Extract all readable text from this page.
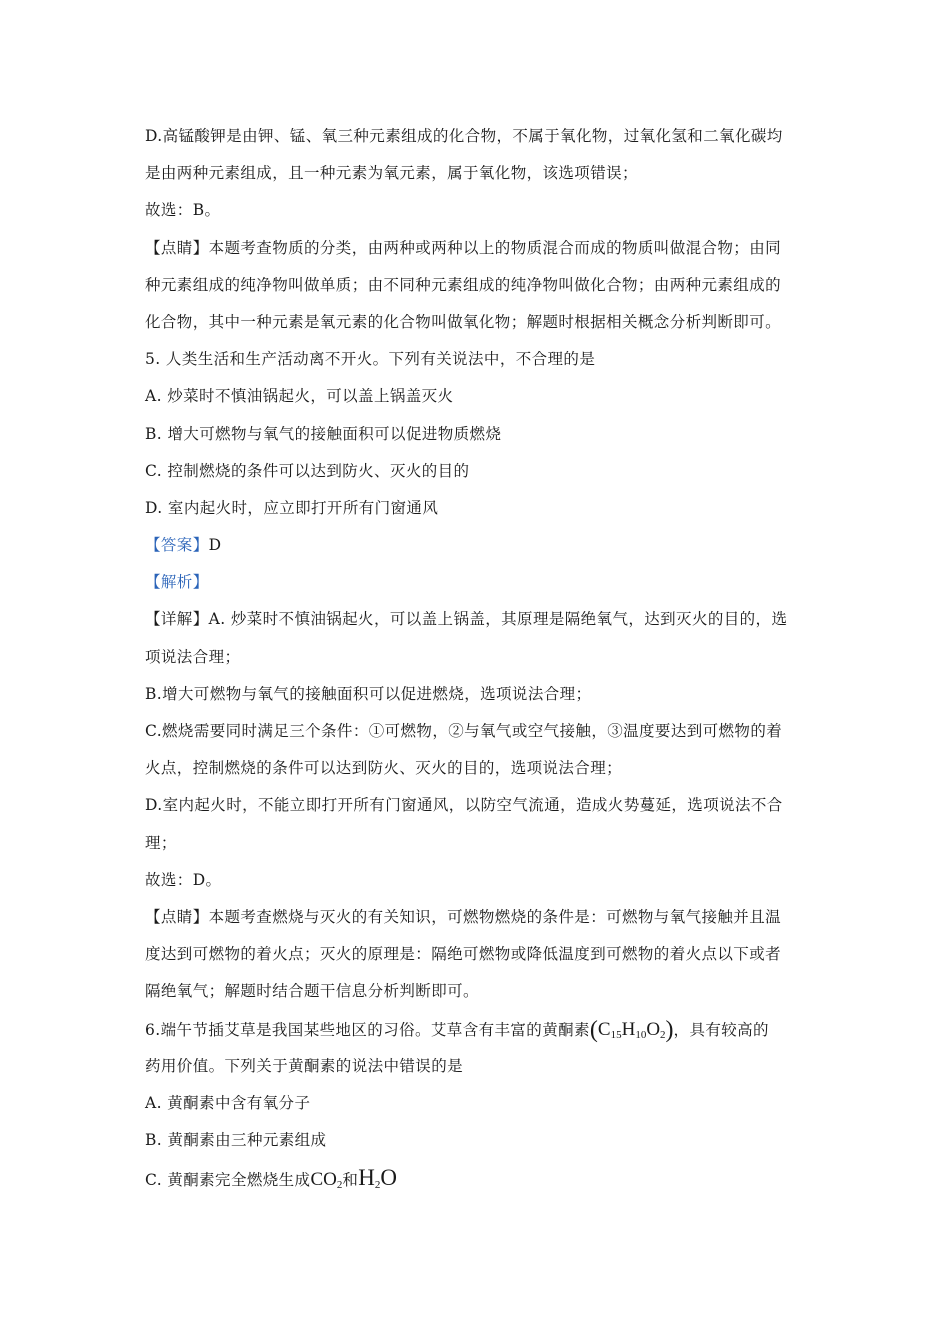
D.高锰酸钾是由钾、锰、氧三种元素组成的化合物，不属于氧化物，过氧化氢和二氧化碳均
是由两种元素组成，且一种元素为氧元素，属于氧化物，该选项错误；
故选：B。
【点睛】本题考查物质的分类，由两种或两种以上的物质混合而成的物质叫做混合物；由同
种元素组成的纯净物叫做单质；由不同种元素组成的纯净物叫做化合物；由两种元素组成的
化合物，其中一种元素是氧元素的化合物叫做氧化物；解题时根据相关概念分析判断即可。
5. 人类生活和生产活动离不开火。下列有关说法中，不合理的是
A. 炒菜时不慎油锅起火，可以盖上锅盖灭火
B. 增大可燃物与氧气的接触面积可以促进物质燃烧
C. 控制燃烧的条件可以达到防火、灭火的目的
D. 室内起火时，应立即打开所有门窗通风
【答案】D
【解析】
【详解】A. 炒菜时不慎油锅起火，可以盖上锅盖，其原理是隔绝氧气，达到灭火的目的，选
项说法合理；
B.增大可燃物与氧气的接触面积可以促进燃烧，选项说法合理；
C.燃烧需要同时满足三个条件：①可燃物，②与氧气或空气接触，③温度要达到可燃物的着
火点，控制燃烧的条件可以达到防火、灭火的目的，选项说法合理；
D.室内起火时，不能立即打开所有门窗通风，以防空气流通，造成火势蔓延，选项说法不合
理；
故选：D。
【点睛】本题考查燃烧与灭火的有关知识，可燃物燃烧的条件是：可燃物与氧气接触并且温
度达到可燃物的着火点；灭火的原理是：隔绝可燃物或降低温度到可燃物的着火点以下或者
隔绝氧气；解题时结合题干信息分析判断即可。
6.端午节插艾草是我国某些地区的习俗。艾草含有丰富的黄酮素$(C_{15}H_{10}O_2)$，具有较高的
药用价值。下列关于黄酮素的说法中错误的是
A. 黄酮素中含有氧分子
B. 黄酮素由三种元素组成
C. 黄酮素完全燃烧生成$CO_2$和$H_2O$
